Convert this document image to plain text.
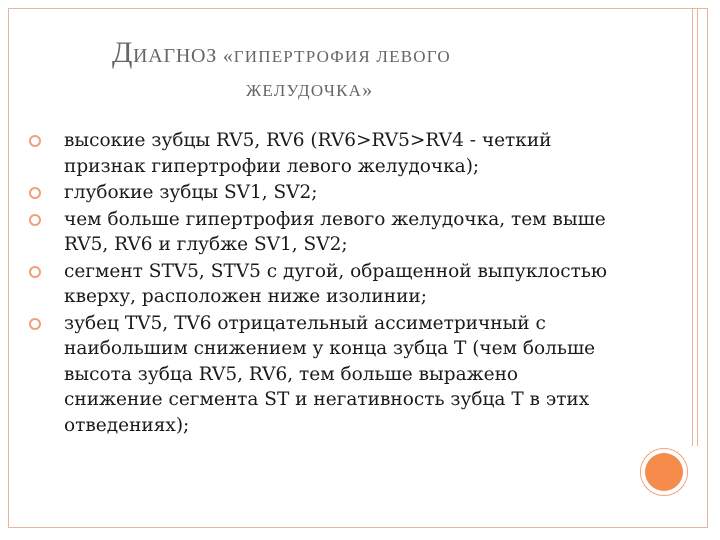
ДИАГНОЗ «ГИПЕРТРОФИЯ ЛЕВОГО
ЖЕЛУДОЧКА»
высокие зубцы RV5, RV6 (RV6>RV5>RV4 - четкий признак гипертрофии левого желудочка);
глубокие зубцы SV1, SV2;
чем больше гипертрофия левого желудочка, тем выше RV5, RV6 и глубже SV1, SV2;
сегмент STV5, STV5 с дугой, обращенной выпуклостью кверху, расположен ниже изолинии;
зубец TV5, TV6 отрицательный ассиметричный с наибольшим снижением у конца зубца T (чем больше высота зубца RV5, RV6, тем больше выражено снижение сегмента ST и негативность зубца T в этих отведениях);
